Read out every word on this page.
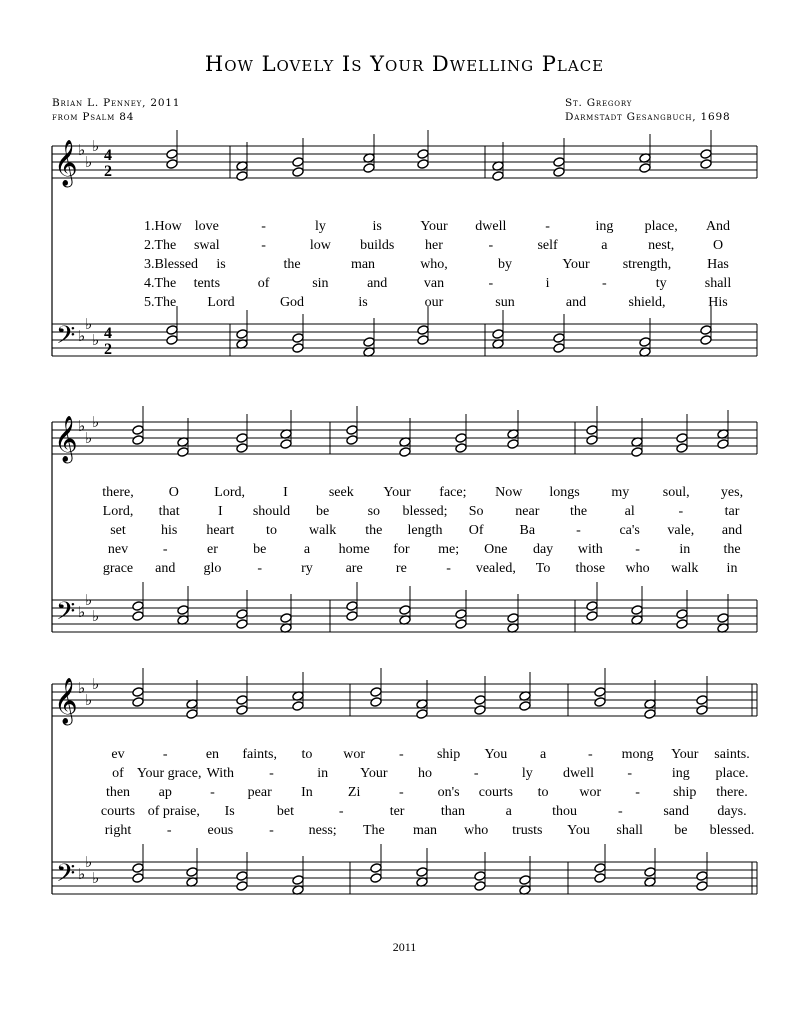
How Lovely Is Your Dwelling Place
Brian L. Penney, 2011
from Psalm 84
St. Gregory
Darmstadt Gesangbuch, 1698
𝄞
𝄢
♭
♭
♭
♭
♭
♭
4
2
4
2
𝄞
𝄢
♭
♭
♭
♭
♭
♭
𝄞
𝄢
♭
♭
♭
♭
♭
♭
1.How love	-	ly	is	Your dwell	-	ing place, And
2.The swal	-	low builds her	-	self	a	nest,	O
3.Blessed is	the	man	who,	by	Your strength,	Has
4.The tents	of	sin	and	van	-	i	-	ty	shall
5.The Lord	God	is	our	sun	and	shield,	His
there,	O	Lord,	I	seek Your face; Now longs my soul, yes,
Lord, that	I should be	so blessed; So near the	al	-	tar
set	his heart to walk the length Of	Ba	-	ca's vale, and
nev -	er	be	a home for me; One day with -	in the
grace and glo	-	ry are re	- vealed, To those who walk in
ev	-	en faints, to wor - ship You a	- mong Your saints.
of Your grace, With	-	in Your ho	-	ly dwell -	ing place.
then ap	- pear In	Zi	- on's courts to wor - ship there.
courts of praise, Is	bet	-	ter	than	a	thou	-	sand days.
right	-	eous	- ness; The man who trusts You shall be blessed.
2011
